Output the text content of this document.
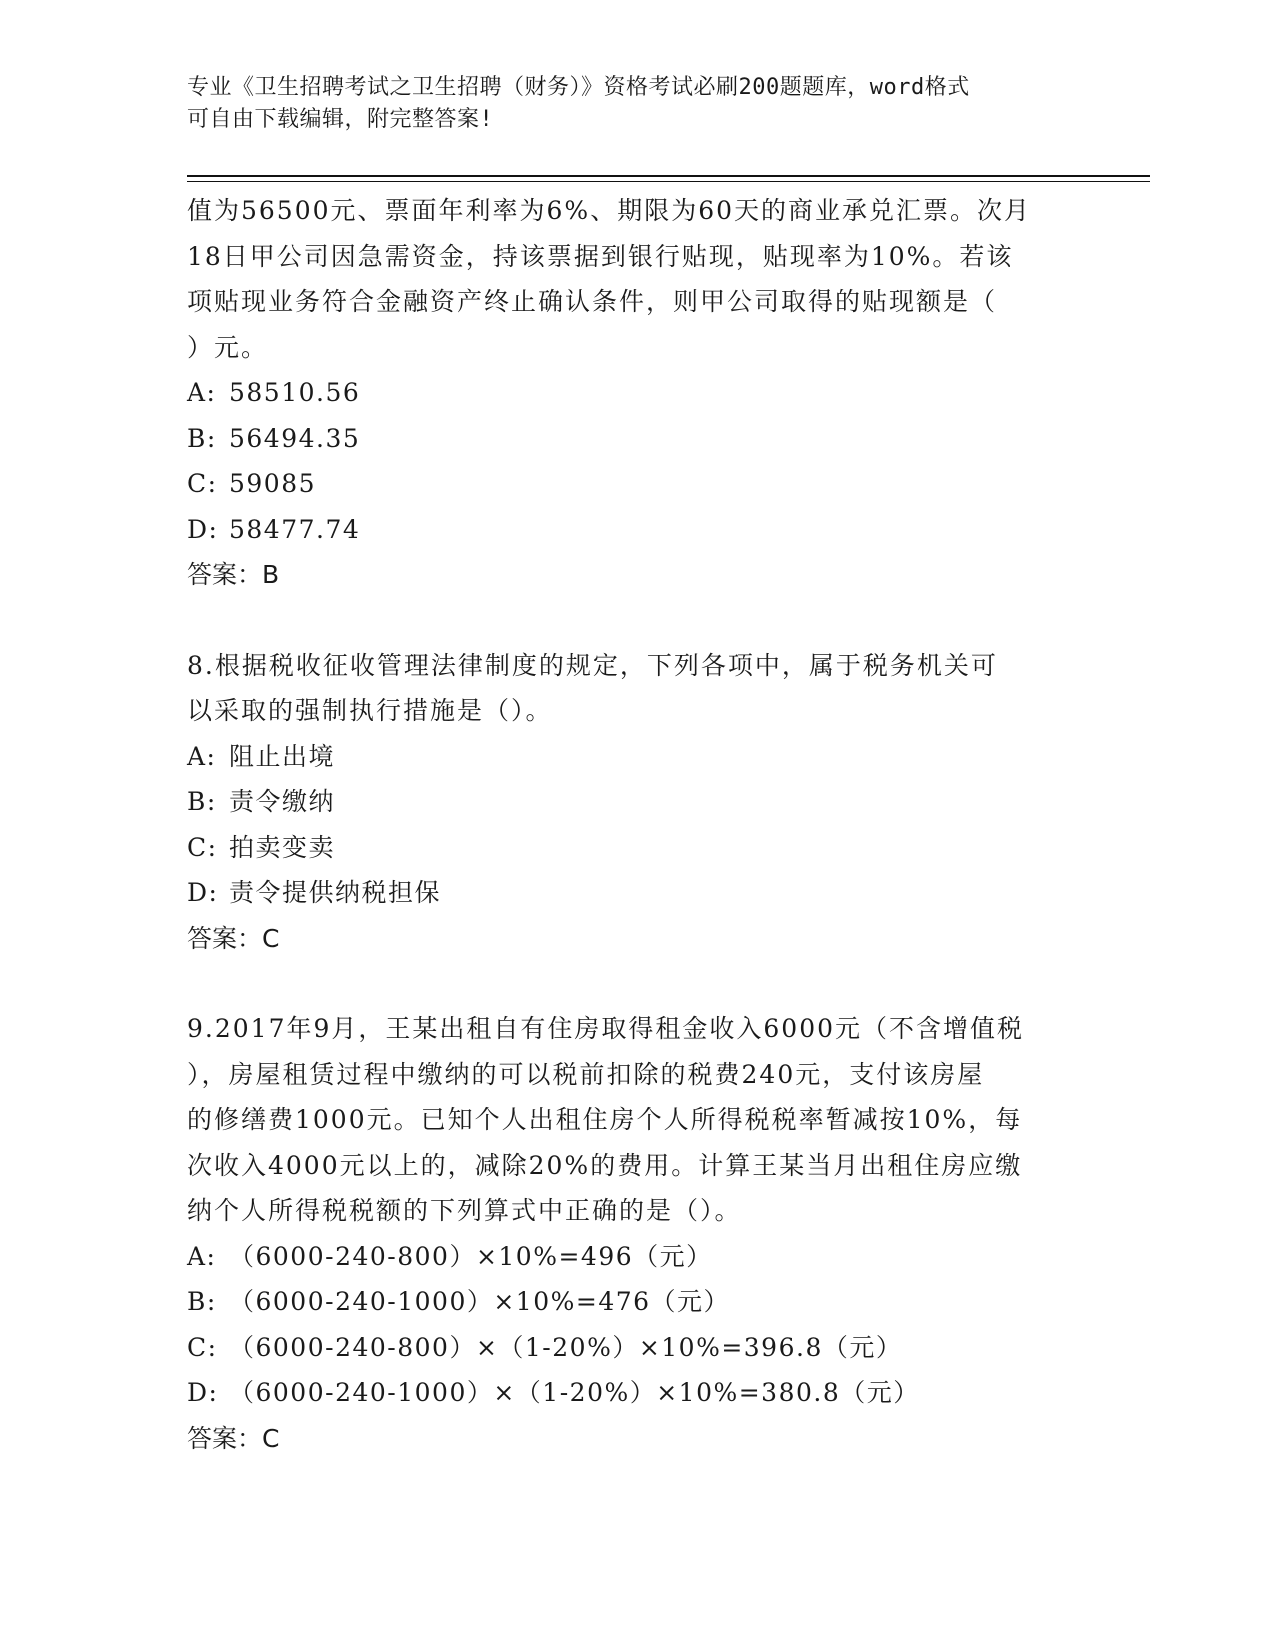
专业《卫生招聘考试之卫生招聘（财务）》资格考试必刷200题题库，word格式
可自由下载编辑，附完整答案!

值为56500元、票面年利率为6%、期限为60天的商业承兑汇票。次月

18日甲公司因急需资金，持该票据到银行贴现，贴现率为10%。若该

项贴现业务符合金融资产终止确认条件，则甲公司取得的贴现额是（

）元。

A: 58510.56

B: 56494.35

C: 59085

D: 58477.74

答案：B

8.根据税收征收管理法律制度的规定，下列各项中，属于税务机关可

以采取的强制执行措施是（）。

A: 阻止出境

B: 责令缴纳

C: 拍卖变卖

D: 责令提供纳税担保

答案：C

9.2017年9月，王某出租自有住房取得租金收入6000元（不含增值税

），房屋租赁过程中缴纳的可以税前扣除的税费240元，支付该房屋

的修缮费1000元。已知个人出租住房个人所得税税率暂减按10%，每

次收入4000元以上的，减除20%的费用。计算王某当月出租住房应缴

纳个人所得税税额的下列算式中正确的是（）。

A: （6000-240-800）×10%=496（元）

B: （6000-240-1000）×10%=476（元）

C: （6000-240-800）×（1-20%）×10%=396.8（元）

D: （6000-240-1000）×（1-20%）×10%=380.8（元）

答案：C
